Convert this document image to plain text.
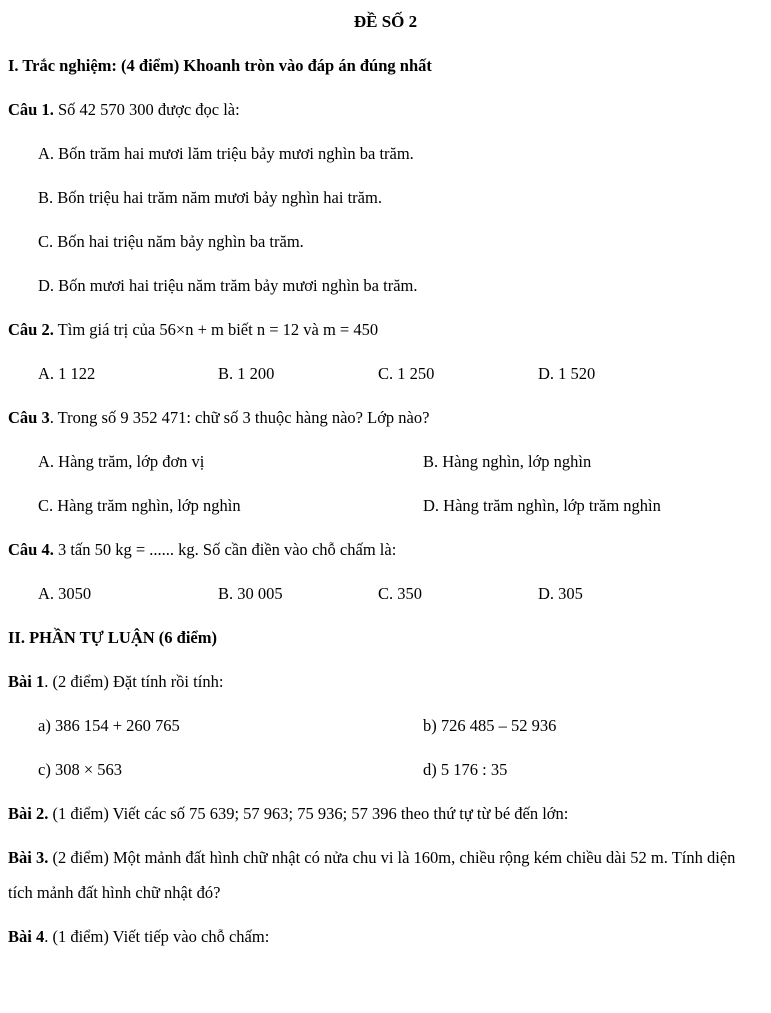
ĐỀ SỐ 2

I. Trắc nghiệm: (4 điểm) Khoanh tròn vào đáp án đúng nhất

Câu 1. Số 42 570 300 được đọc là:

A. Bốn trăm hai mươi lăm triệu bảy mươi nghìn ba trăm.

B. Bốn triệu hai trăm năm mươi bảy nghìn hai trăm.

C. Bốn hai triệu năm bảy nghìn ba trăm.

D. Bốn mươi hai triệu năm trăm bảy mươi nghìn ba trăm.

Câu 2. Tìm giá trị của 56×n + m biết n = 12 và m = 450

A. 1 122	B. 1 200	C. 1 250	D. 1 520

Câu 3. Trong số 9 352 471: chữ số 3 thuộc hàng nào? Lớp nào?

A. Hàng trăm, lớp đơn vị	B. Hàng nghìn, lớp nghìn
C. Hàng trăm nghìn, lớp nghìn	D. Hàng trăm nghìn, lớp trăm nghìn

Câu 4. 3 tấn 50 kg = ...... kg. Số cần điền vào chỗ chấm là:

A. 3050	B. 30 005	C. 350	D. 305

II. PHẦN TỰ LUẬN (6 điểm)

Bài 1. (2 điểm) Đặt tính rồi tính:

a) 386 154 + 260 765	b) 726 485 – 52 936
c) 308 × 563	d) 5 176 : 35

Bài 2. (1 điểm) Viết các số 75 639; 57 963; 75 936; 57 396 theo thứ tự từ bé đến lớn:

Bài 3. (2 điểm) Một mảnh đất hình chữ nhật có nửa chu vi là 160m, chiều rộng kém chiều dài 52 m. Tính diện tích mảnh đất hình chữ nhật đó?

Bài 4. (1 điểm) Viết tiếp vào chỗ chấm:
